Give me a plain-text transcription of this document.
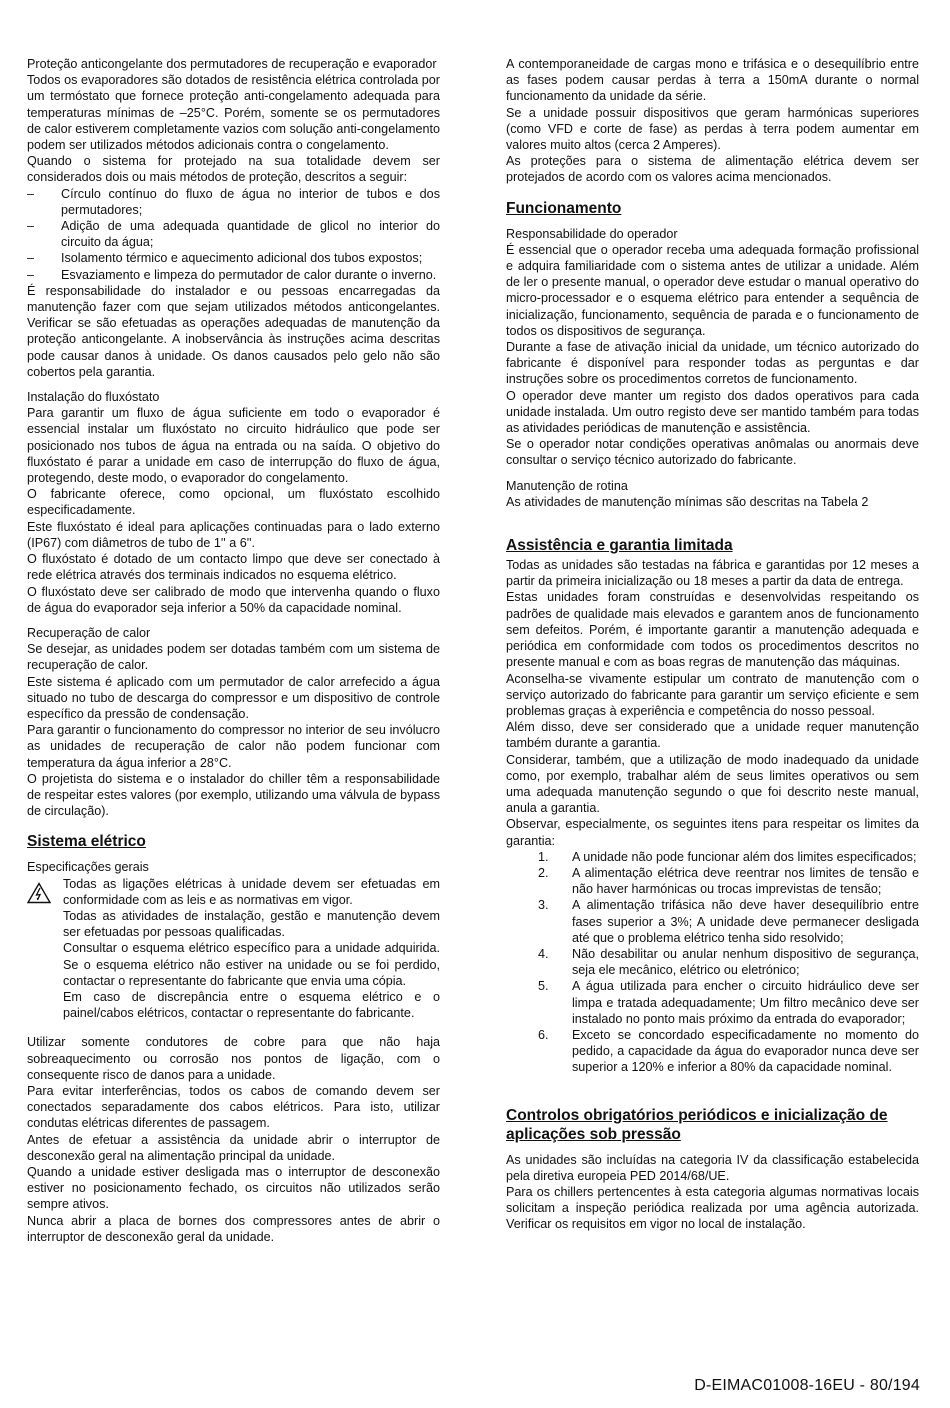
Proteção anticongelante dos permutadores de recuperação e evaporador

Todos os evaporadores são dotados de resistência elétrica controlada por um termóstato que fornece proteção anti-congelamento adequada para temperaturas mínimas de –25°C. Porém, somente se os permutadores de calor estiverem completamente vazios com solução anti-congelamento podem ser utilizados métodos adicionais contra o congelamento.

Quando o sistema for protejado na sua totalidade devem ser considerados dois ou mais métodos de proteção, descritos a seguir:

–	Círculo contínuo do fluxo de água no interior de tubos e dos permutadores;
–	Adição de uma adequada quantidade de glicol no interior do circuito da água;
–	Isolamento térmico e aquecimento adicional dos tubos expostos;
–	Esvaziamento e limpeza do permutador de calor durante o inverno.

É responsabilidade do instalador e ou pessoas encarregadas da manutenção fazer com que sejam utilizados métodos anticongelantes. Verificar se são efetuadas as operações adequadas de manutenção da proteção anticongelante. A inobservância às instruções acima descritas pode causar danos à unidade. Os danos causados pelo gelo não são cobertos pela garantia.

Instalação do fluxóstato

Para garantir um fluxo de água suficiente em todo o evaporador é essencial instalar um fluxóstato no circuito hidráulico que pode ser posicionado nos tubos de água na entrada ou na saída. O objetivo do fluxóstato é parar a unidade em caso de interrupção do fluxo de água, protegendo, deste modo, o evaporador do congelamento.

O fabricante oferece, como opcional, um fluxóstato escolhido especificadamente.

Este fluxóstato é ideal para aplicações continuadas para o lado externo (IP67) com diâmetros de tubo de 1'' a 6''.

O fluxóstato é dotado de um contacto limpo que deve ser conectado à rede elétrica através dos terminais indicados no esquema elétrico.

O fluxóstato deve ser calibrado de modo que intervenha quando o fluxo de água do evaporador seja inferior a 50% da capacidade nominal.

Recuperação de calor

Se desejar, as unidades podem ser dotadas também com um sistema de recuperação de calor.

Este sistema é aplicado com um permutador de calor arrefecido a água situado no tubo de descarga do compressor e um dispositivo de controle específico da pressão de condensação.

Para garantir o funcionamento do compressor no interior de seu invólucro as unidades de recuperação de calor não podem funcionar com temperatura da água inferior a 28°C.

O projetista do sistema e o instalador do chiller têm a responsabilidade de respeitar estes valores (por exemplo, utilizando uma válvula de bypass de circulação).

Sistema elétrico

Especificações gerais

Todas as ligações elétricas à unidade devem ser efetuadas em conformidade com as leis e as normativas em vigor.

Todas as atividades de instalação, gestão e manutenção devem ser efetuadas por pessoas qualificadas.

Consultar o esquema elétrico específico para a unidade adquirida. Se o esquema elétrico não estiver na unidade ou se foi perdido, contactar o representante do fabricante que envia uma cópia.

Em caso de discrepância entre o esquema elétrico e o painel/cabos elétricos, contactar o representante do fabricante.

Utilizar somente condutores de cobre para que não haja sobreaquecimento ou corrosão nos pontos de ligação, com o consequente risco de danos para a unidade.

Para evitar interferências, todos os cabos de comando devem ser conectados separadamente dos cabos elétricos. Para isto, utilizar condutas elétricas diferentes de passagem.

Antes de efetuar a assistência da unidade abrir o interruptor de desconexão geral na alimentação principal da unidade.

Quando a unidade estiver desligada mas o interruptor de desconexão estiver no posicionamento fechado, os circuitos não utilizados serão sempre ativos.

Nunca abrir a placa de bornes dos compressores antes de abrir o interruptor de desconexão geral da unidade.

A contemporaneidade de cargas mono e trifásica e o desequilíbrio entre as fases podem causar perdas à terra a 150mA durante o normal funcionamento da unidade da série.

Se a unidade possuir dispositivos que geram harmónicas superiores (como VFD e corte de fase) as perdas à terra podem aumentar em valores muito altos (cerca 2 Amperes).

As proteções para o sistema de alimentação elétrica devem ser protejados de acordo com os valores acima mencionados.

Funcionamento

Responsabilidade do operador

É essencial que o operador receba uma adequada formação profissional e adquira familiaridade com o sistema antes de utilizar a unidade. Além de ler o presente manual, o operador deve estudar o manual operativo do micro-processador e o esquema elétrico para entender a sequência de inicialização, funcionamento, sequência de parada e o funcionamento de todos os dispositivos de segurança.

Durante a fase de ativação inicial da unidade, um técnico autorizado do fabricante é disponível para responder todas as perguntas e dar instruções sobre os procedimentos corretos de funcionamento.

O operador deve manter um registo dos dados operativos para cada unidade instalada. Um outro registo deve ser mantido também para todas as atividades periódicas de manutenção e assistência.

Se o operador notar condições operativas anômalas ou anormais deve consultar o serviço técnico autorizado do fabricante.

Manutenção de rotina

As atividades de manutenção mínimas são descritas na Tabela 2

Assistência e garantia limitada

Todas as unidades são testadas na fábrica e garantidas por 12 meses a partir da primeira inicialização ou 18 meses a partir da data de entrega.

Estas unidades foram construídas e desenvolvidas respeitando os padrões de qualidade mais elevados e garantem anos de funcionamento sem defeitos. Porém, é importante garantir a manutenção adequada e periódica em conformidade com todos os procedimentos descritos no presente manual e com as boas regras de manutenção das máquinas.

Aconselha-se vivamente estipular um contrato de manutenção com o serviço autorizado do fabricante para garantir um serviço eficiente e sem problemas graças à experiência e competência do nosso pessoal.

Além disso, deve ser considerado que a unidade requer manutenção também durante a garantia.

Considerar, também, que a utilização de modo inadequado da unidade como, por exemplo, trabalhar além de seus limites operativos ou sem uma adequada manutenção segundo o que foi descrito neste manual, anula a garantia.

Observar, especialmente, os seguintes itens para respeitar os limites da garantia:

1.	A unidade não pode funcionar além dos limites especificados;
2.	A alimentação elétrica deve reentrar nos limites de tensão e não haver harmónicas ou trocas imprevistas de tensão;
3.	A alimentação trifásica não deve haver desequilíbrio entre fases superior a 3%; A unidade deve permanecer desligada até que o problema elétrico tenha sido resolvido;
4.	Não desabilitar ou anular nenhum dispositivo de segurança, seja ele mecânico, elétrico ou eletrónico;
5.	A água utilizada para encher o circuito hidráulico deve ser limpa e tratada adequadamente; Um filtro mecânico deve ser instalado no ponto mais próximo da entrada do evaporador;
6.	Exceto se concordado especificadamente no momento do pedido, a capacidade da água do evaporador nunca deve ser superior a 120% e inferior a 80% da capacidade nominal.
Controlos obrigatórios periódicos e inicialização de aplicações sob pressão

As unidades são incluídas na categoria IV da classificação estabelecida pela diretiva europeia PED 2014/68/UE.

Para os chillers pertencentes à esta categoria algumas normativas locais solicitam a inspeção periódica realizada por uma agência autorizada. Verificar os requisitos em vigor no local de instalação.

D-EIMAC01008-16EU - 80/194
